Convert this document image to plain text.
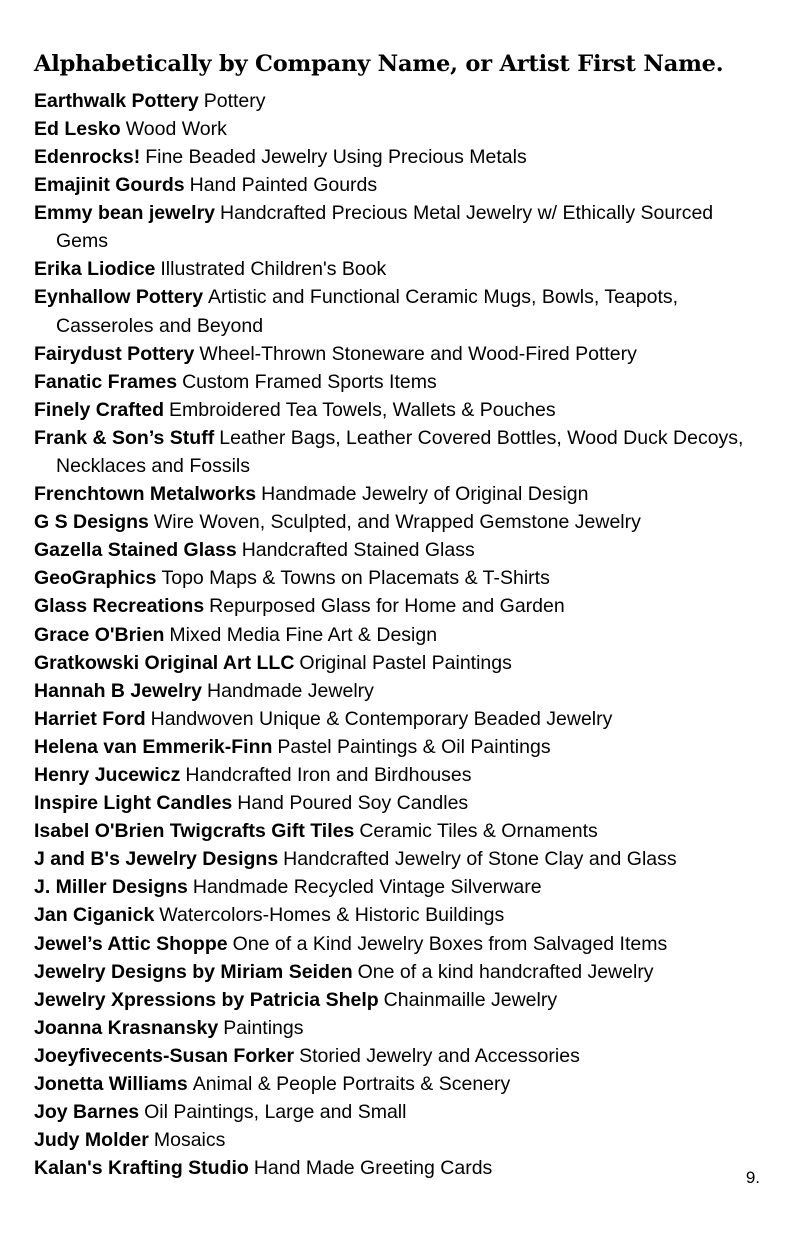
Alphabetically by Company Name, or Artist First Name.
Earthwalk Pottery Pottery
Ed Lesko Wood Work
Edenrocks! Fine Beaded Jewelry Using Precious Metals
Emajinit Gourds Hand Painted Gourds
Emmy bean jewelry Handcrafted Precious Metal Jewelry w/ Ethically Sourced Gems
Erika Liodice Illustrated Children's Book
Eynhallow Pottery Artistic and Functional Ceramic Mugs, Bowls, Teapots, Casseroles and Beyond
Fairydust Pottery Wheel-Thrown Stoneware and Wood-Fired Pottery
Fanatic Frames Custom Framed Sports Items
Finely Crafted Embroidered Tea Towels, Wallets & Pouches
Frank & Son’s Stuff Leather Bags, Leather Covered Bottles, Wood Duck Decoys, Necklaces and Fossils
Frenchtown Metalworks Handmade Jewelry of Original Design
G S Designs Wire Woven, Sculpted, and Wrapped Gemstone Jewelry
Gazella Stained Glass Handcrafted Stained Glass
GeoGraphics Topo Maps & Towns on Placemats & T-Shirts
Glass Recreations Repurposed Glass for Home and Garden
Grace O'Brien Mixed Media Fine Art & Design
Gratkowski Original Art LLC Original Pastel Paintings
Hannah B Jewelry Handmade Jewelry
Harriet Ford Handwoven Unique & Contemporary Beaded Jewelry
Helena van Emmerik-Finn Pastel Paintings & Oil Paintings
Henry Jucewicz Handcrafted Iron and Birdhouses
Inspire Light Candles Hand Poured Soy Candles
Isabel O'Brien Twigcrafts Gift Tiles Ceramic Tiles & Ornaments
J and B's Jewelry Designs Handcrafted Jewelry of Stone Clay and Glass
J. Miller Designs Handmade Recycled Vintage Silverware
Jan Ciganick Watercolors-Homes & Historic Buildings
Jewel’s Attic Shoppe One of a Kind Jewelry Boxes from Salvaged Items
Jewelry Designs by Miriam Seiden One of a kind handcrafted Jewelry
Jewelry Xpressions by Patricia Shelp Chainmaille Jewelry
Joanna Krasnansky Paintings
Joeyfivecents-Susan Forker Storied Jewelry and Accessories
Jonetta Williams Animal & People Portraits & Scenery
Joy Barnes Oil Paintings, Large and Small
Judy Molder Mosaics
Kalan's Krafting Studio Hand Made Greeting Cards	9.
